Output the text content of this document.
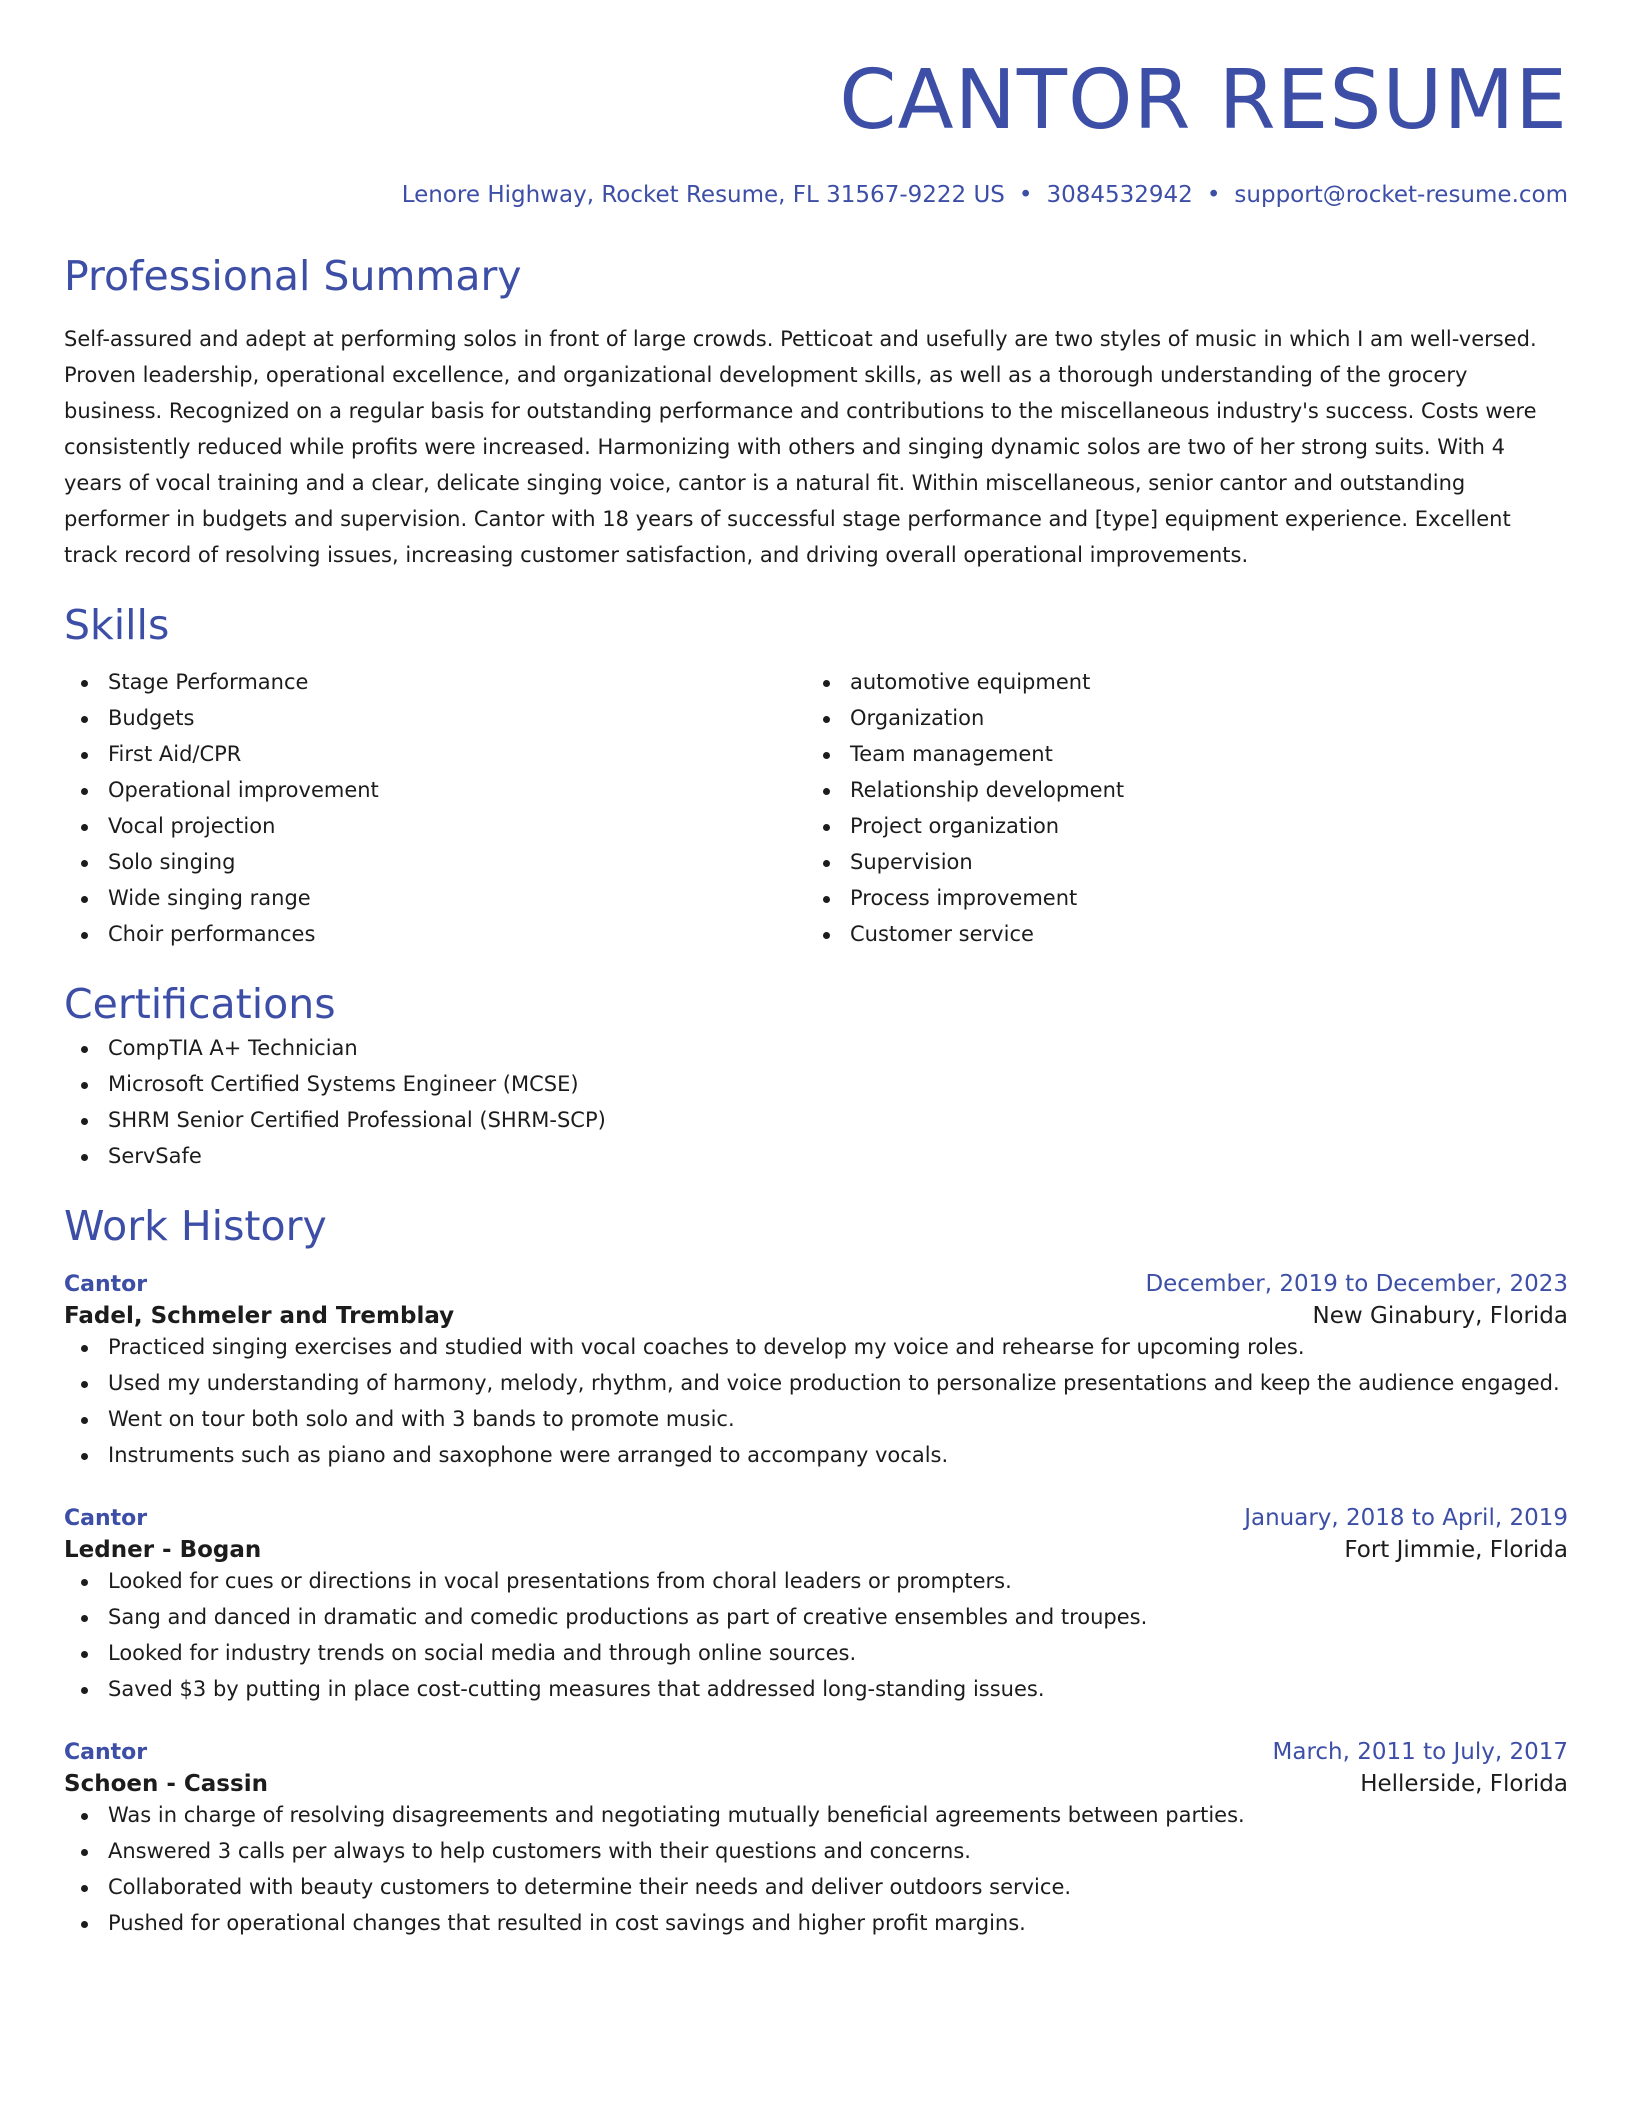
CANTOR RESUME
Lenore Highway, Rocket Resume, FL 31567-9222 US • 3084532942 • support@rocket-resume.com
Professional Summary

Self-assured and adept at performing solos in front of large crowds. Petticoat and usefully are two styles of music in which I am well-versed. Proven leadership, operational excellence, and organizational development skills, as well as a thorough understanding of the grocery business. Recognized on a regular basis for outstanding performance and contributions to the miscellaneous industry's success. Costs were consistently reduced while profits were increased. Harmonizing with others and singing dynamic solos are two of her strong suits. With 4 years of vocal training and a clear, delicate singing voice, cantor is a natural fit. Within miscellaneous, senior cantor and outstanding performer in budgets and supervision. Cantor with 18 years of successful stage performance and [type] equipment experience. Excellent track record of resolving issues, increasing customer satisfaction, and driving overall operational improvements.

Skills
Stage Performance
Budgets
First Aid/CPR
Operational improvement
Vocal projection
Solo singing
Wide singing range
Choir performances
automotive equipment
Organization
Team management
Relationship development
Project organization
Supervision
Process improvement
Customer service
Certifications
CompTIA A+ Technician
Microsoft Certified Systems Engineer (MCSE)
SHRM Senior Certified Professional (SHRM-SCP)
ServSafe
Work History
Cantor	December, 2019 to December, 2023
Fadel, Schmeler and Tremblay	New Ginabury, Florida
Practiced singing exercises and studied with vocal coaches to develop my voice and rehearse for upcoming roles.
Used my understanding of harmony, melody, rhythm, and voice production to personalize presentations and keep the audience engaged.
Went on tour both solo and with 3 bands to promote music.
Instruments such as piano and saxophone were arranged to accompany vocals.
Cantor	January, 2018 to April, 2019
Ledner - Bogan	Fort Jimmie, Florida
Looked for cues or directions in vocal presentations from choral leaders or prompters.
Sang and danced in dramatic and comedic productions as part of creative ensembles and troupes.
Looked for industry trends on social media and through online sources.
Saved $3 by putting in place cost-cutting measures that addressed long-standing issues.
Cantor	March, 2011 to July, 2017
Schoen - Cassin	Hellerside, Florida
Was in charge of resolving disagreements and negotiating mutually beneficial agreements between parties.
Answered 3 calls per always to help customers with their questions and concerns.
Collaborated with beauty customers to determine their needs and deliver outdoors service.
Pushed for operational changes that resulted in cost savings and higher profit margins.
